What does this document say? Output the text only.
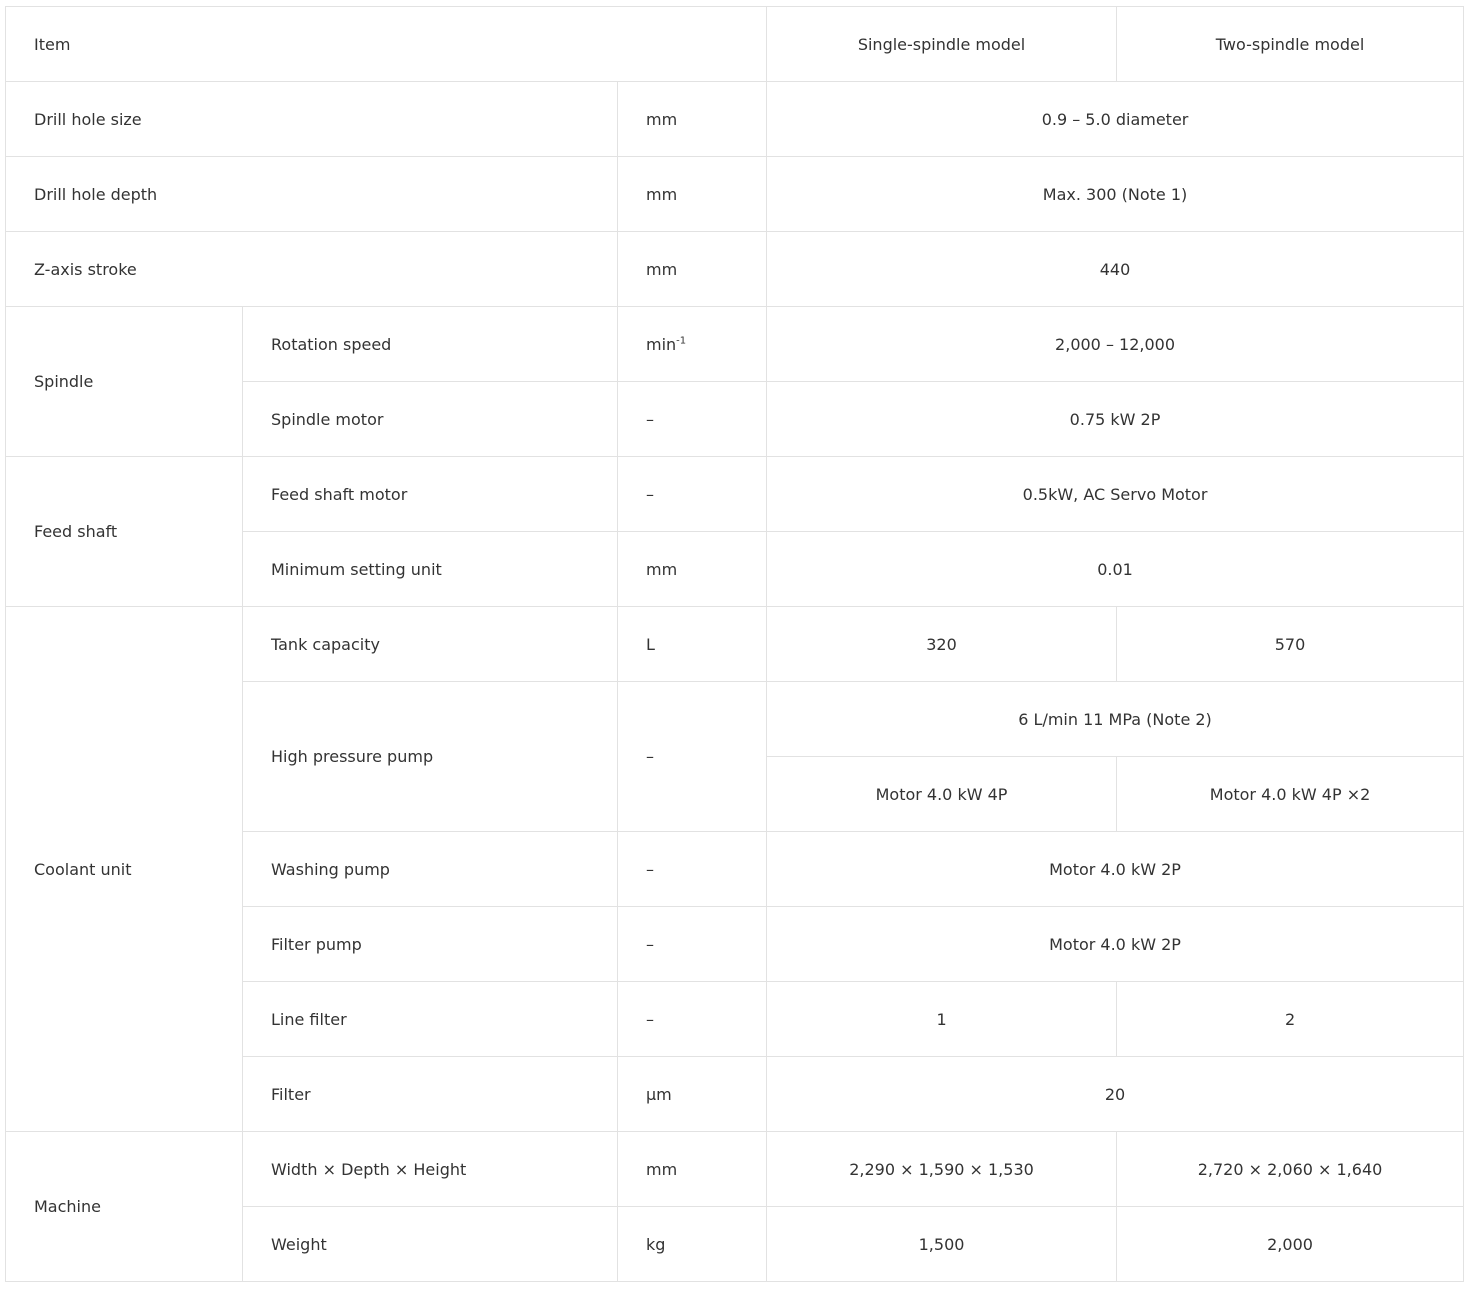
Item			Single-spindle model	Two-spindle model
Drill hole size		mm	0.9 – 5.0 diameter	
Drill hole depth		mm	Max. 300 (Note 1)	
Z-axis stroke		mm	440	
Spindle	Rotation speed	$\min^{-1}$	2,000 – 12,000	
	Spindle motor	–	0.75 kW 2P	
Feed shaft	Feed shaft motor	–	0.5kW, AC Servo Motor	
	Minimum setting unit	mm	0.01	
Coolant unit	Tank capacity	L	320	570
	High pressure pump	–	6 L/min 11 MPa (Note 2)	
			Motor 4.0 kW 4P	Motor 4.0 kW 4P ×2
	Washing pump	–	Motor 4.0 kW 2P	
	Filter pump	–	Motor 4.0 kW 2P	
	Line filter	–	1	2
	Filter	μm	20	
Machine	Width × Depth × Height	mm	2,290 × 1,590 × 1,530	2,720 × 2,060 × 1,640
	Weight	kg	1,500	2,000
